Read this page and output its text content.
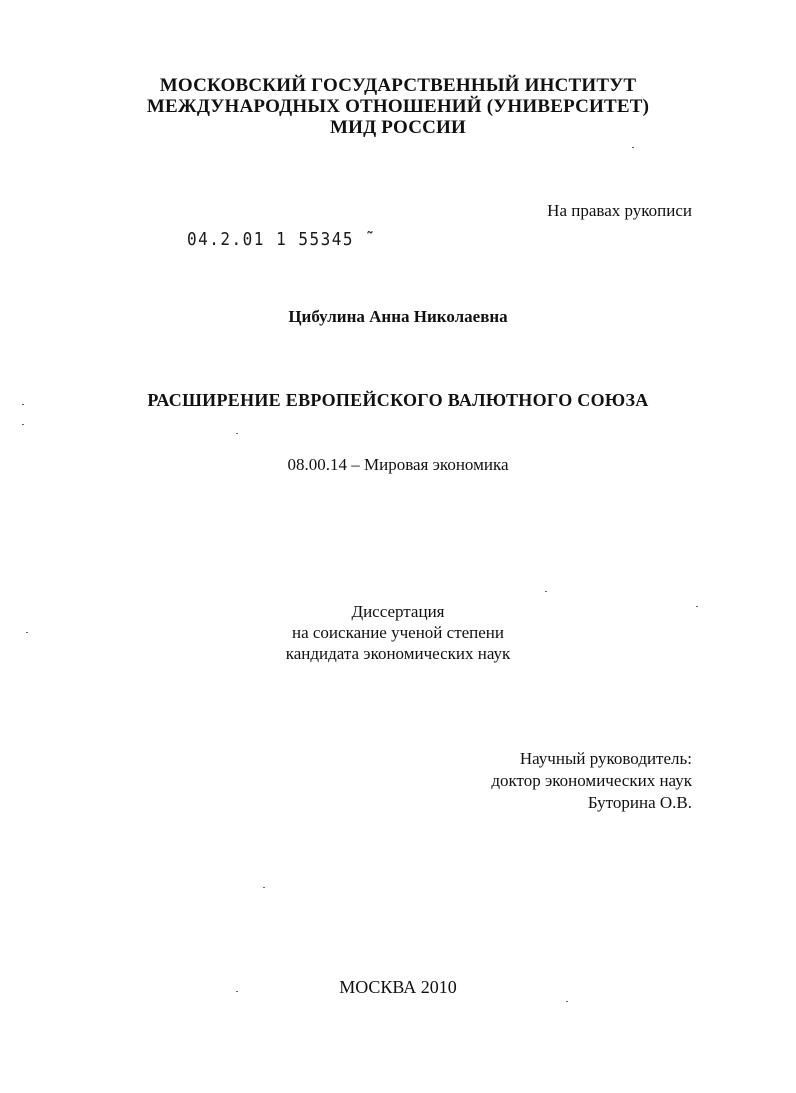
МОСКОВСКИЙ ГОСУДАРСТВЕННЫЙ ИНСТИТУТ
МЕЖДУНАРОДНЫХ ОТНОШЕНИЙ (УНИВЕРСИТЕТ)
МИД РОССИИ
На правах рукописи
04.2.01 1 55345 ˜
Цибулина Анна Николаевна
РАСШИРЕНИЕ ЕВРОПЕЙСКОГО ВАЛЮТНОГО СОЮЗА
08.00.14 – Мировая экономика
Диссертация
на соискание ученой степени
кандидата экономических наук
Научный руководитель:
доктор экономических наук
Буторина О.В.
МОСКВА 2010
